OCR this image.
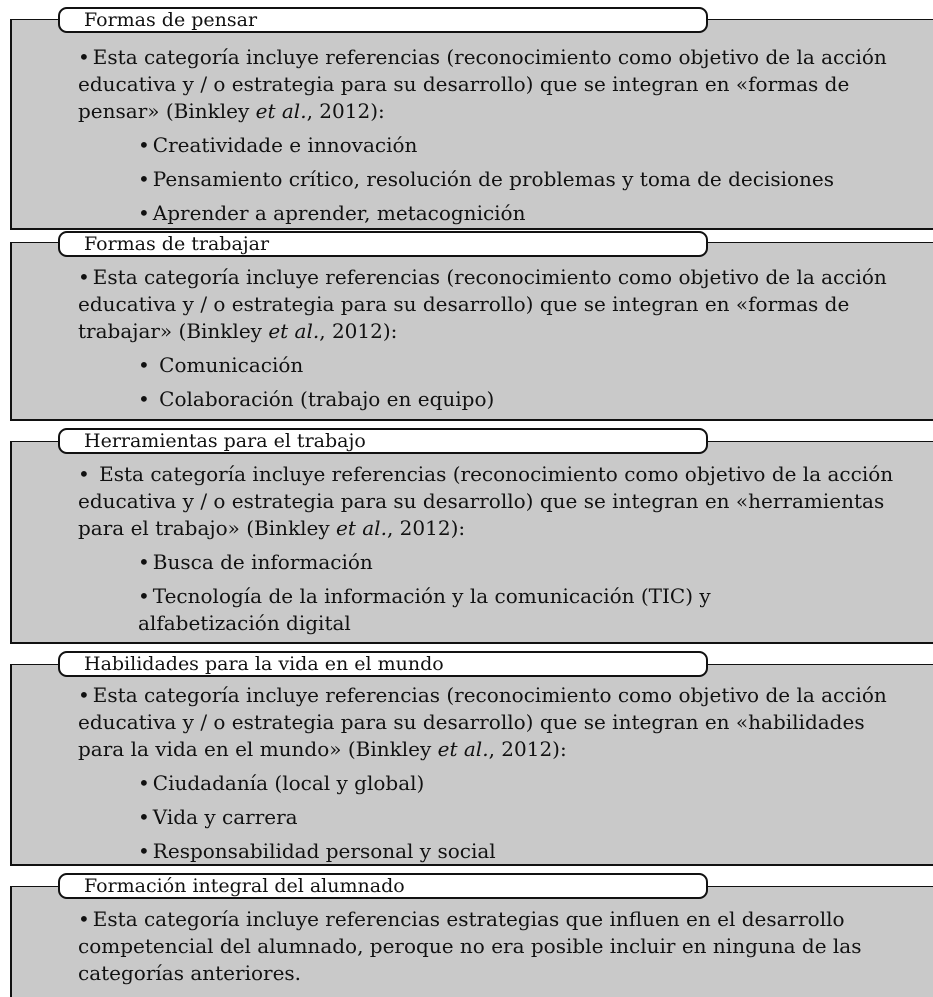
Formas de pensar

• Esta categoría incluye referencias (reconocimiento como objetivo de la acción educativa y / o estrategia para su desarrollo) que se integran en «formas de pensar» (Binkley et al., 2012):

• Creatividade e innovación
• Pensamiento crítico, resolución de problemas y toma de decisiones
• Aprender a aprender, metacognición
Formas de trabajar

• Esta categoría incluye referencias (reconocimiento como objetivo de la acción educativa y / o estrategia para su desarrollo) que se integran en «formas de trabajar» (Binkley et al., 2012):

• Comunicación
• Colaboración (trabajo en equipo)
Herramientas para el trabajo

• Esta categoría incluye referencias (reconocimiento como objetivo de la acción educativa y / o estrategia para su desarrollo) que se integran en «herramientas para el trabajo» (Binkley et al., 2012):

• Busca de información
• Tecnología de la información y la comunicación (TIC) y alfabetización digital
Habilidades para la vida en el mundo

• Esta categoría incluye referencias (reconocimiento como objetivo de la acción educativa y / o estrategia para su desarrollo) que se integran en «habilidades para la vida en el mundo» (Binkley et al., 2012):

• Ciudadanía (local y global)
• Vida y carrera
• Responsabilidad personal y social
Formación integral del alumnado

• Esta categoría incluye referencias estrategias que influen en el desarrollo competencial del alumnado, peroque no era posible incluir en ninguna de las categorías anteriores.
